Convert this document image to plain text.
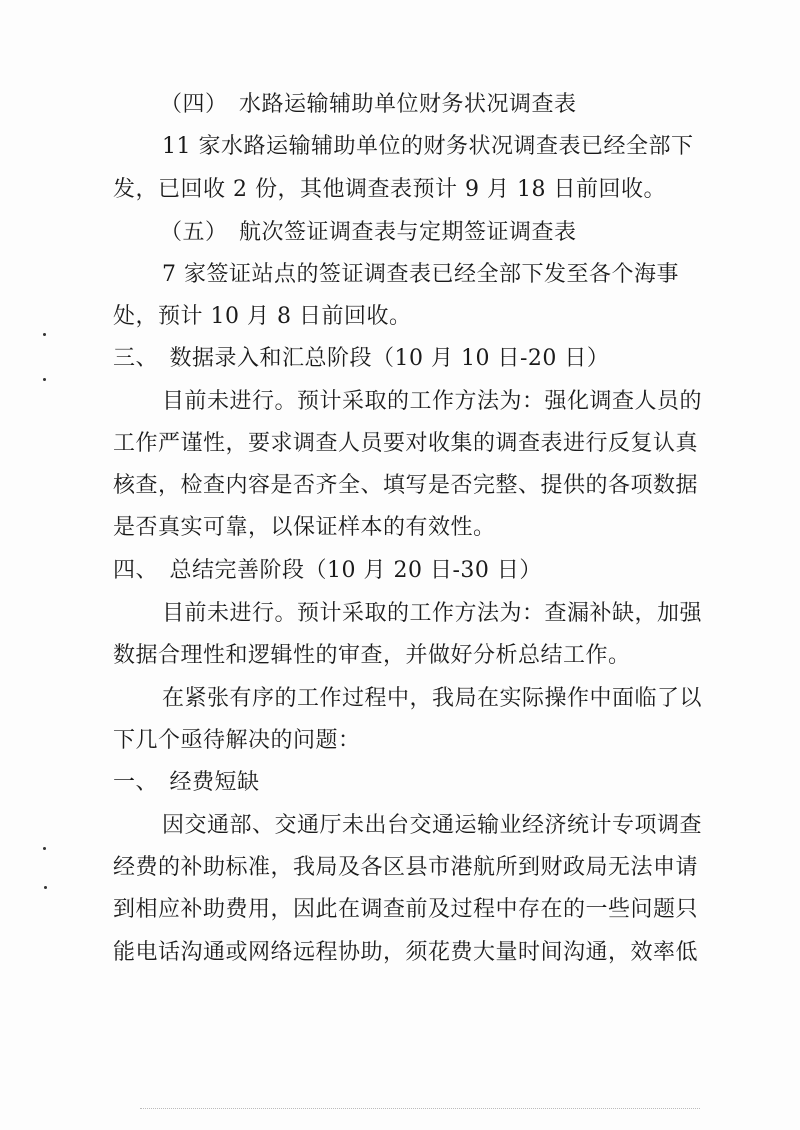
（四）　水路运输辅助单位财务状况调查表
11 家水路运输辅助单位的财务状况调查表已经全部下
发，已回收 2 份，其他调查表预计 9 月 18 日前回收。
（五）　航次签证调查表与定期签证调查表
7 家签证站点的签证调查表已经全部下发至各个海事
处，预计 10 月 8 日前回收。
三、　数据录入和汇总阶段（10 月 10 日-20 日）
目前未进行。预计采取的工作方法为：强化调查人员的
工作严谨性，要求调查人员要对收集的调查表进行反复认真
核查，检查内容是否齐全、填写是否完整、提供的各项数据
是否真实可靠，以保证样本的有效性。
四、　总结完善阶段（10 月 20 日-30 日）
目前未进行。预计采取的工作方法为：查漏补缺，加强
数据合理性和逻辑性的审查，并做好分析总结工作。
在紧张有序的工作过程中，我局在实际操作中面临了以
下几个亟待解决的问题：
一、　经费短缺
因交通部、交通厅未出台交通运输业经济统计专项调查
经费的补助标准，我局及各区县市港航所到财政局无法申请
到相应补助费用，因此在调查前及过程中存在的一些问题只
能电话沟通或网络远程协助，须花费大量时间沟通，效率低
